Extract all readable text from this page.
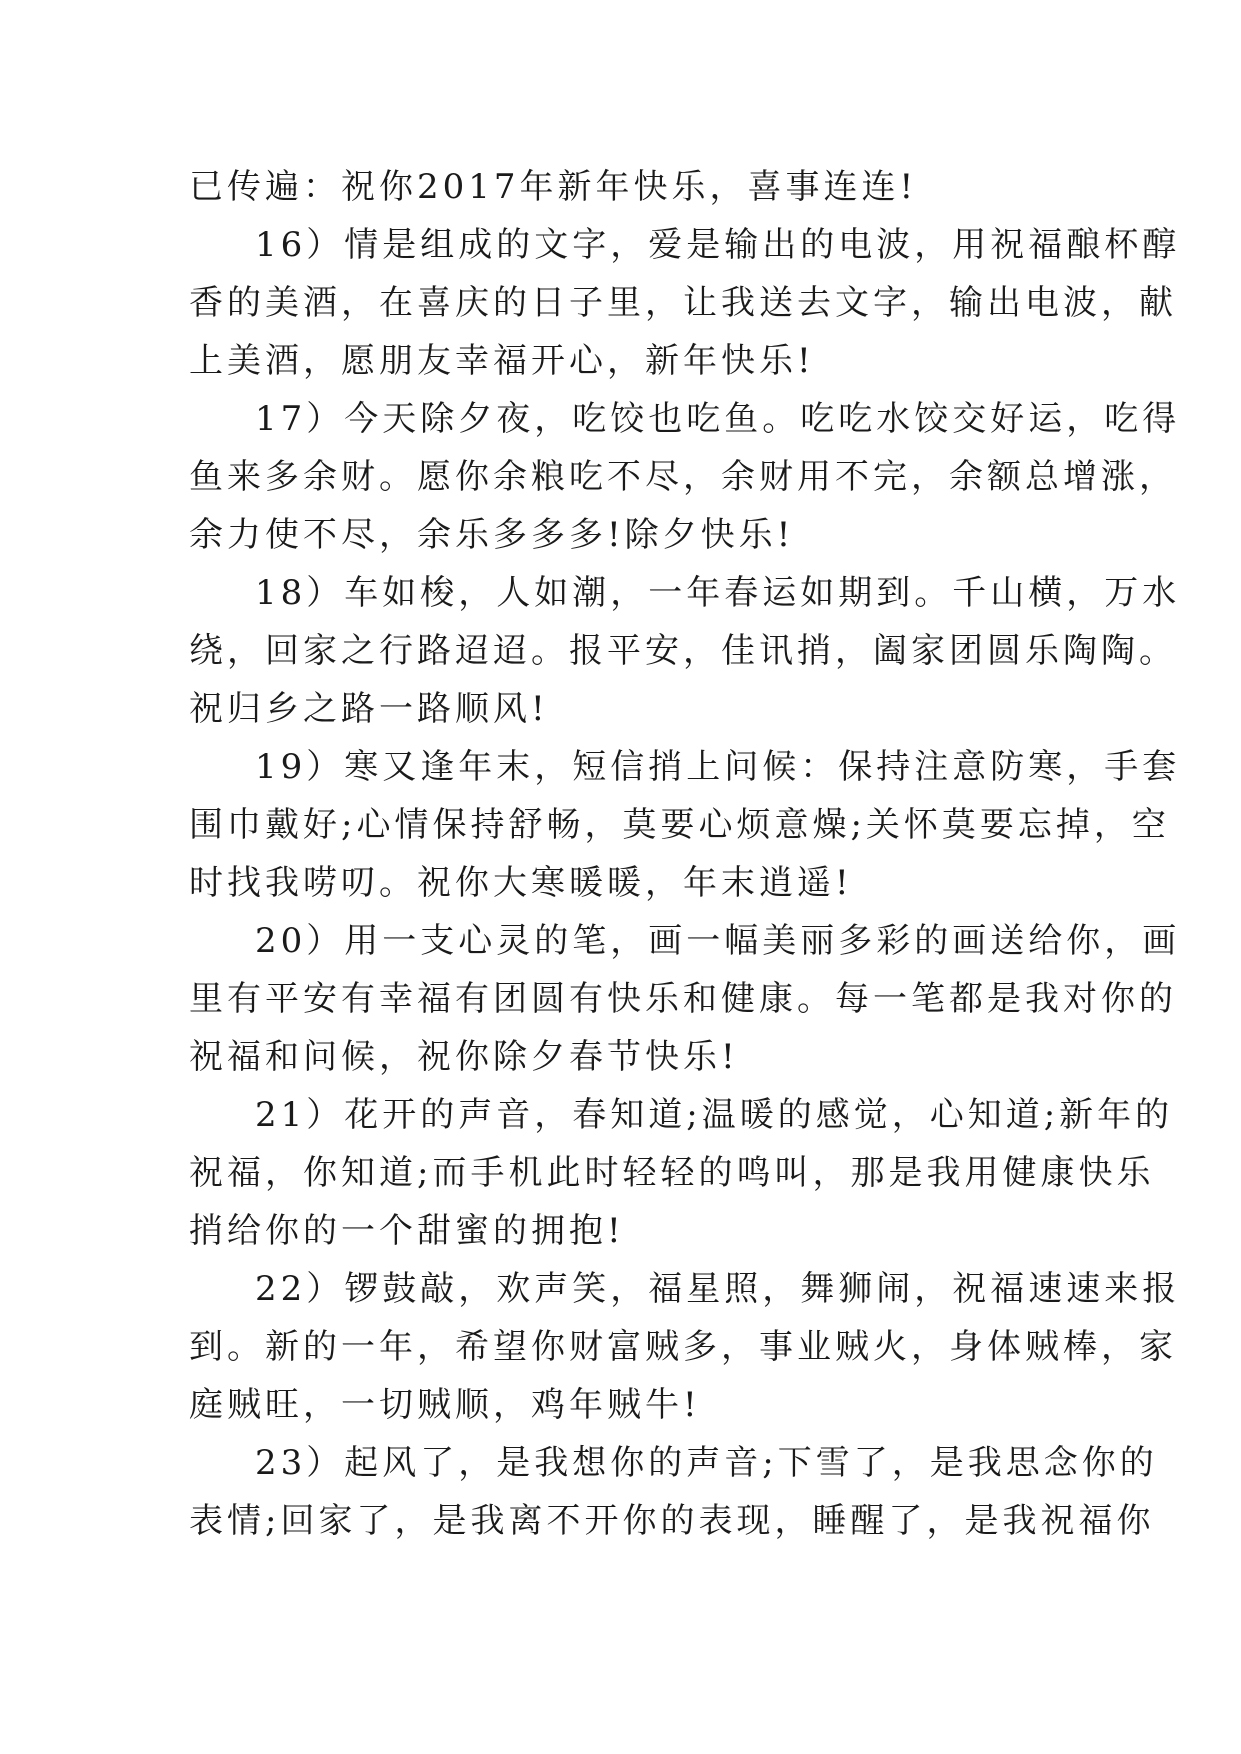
已传遍：祝你2017年新年快乐，喜事连连!

16）情是组成的文字，爱是输出的电波，用祝福酿杯醇

香的美酒，在喜庆的日子里，让我送去文字，输出电波，献

上美酒，愿朋友幸福开心，新年快乐!

17）今天除夕夜，吃饺也吃鱼。吃吃水饺交好运，吃得

鱼来多余财。愿你余粮吃不尽，余财用不完，余额总增涨，

余力使不尽，余乐多多多!除夕快乐!

18）车如梭，人如潮，一年春运如期到。千山横，万水

绕，回家之行路迢迢。报平安，佳讯捎，阖家团圆乐陶陶。

祝归乡之路一路顺风!

19）寒又逢年末，短信捎上问候：保持注意防寒，手套

围巾戴好;心情保持舒畅，莫要心烦意燥;关怀莫要忘掉，空

时找我唠叨。祝你大寒暖暖，年末逍遥!

20）用一支心灵的笔，画一幅美丽多彩的画送给你，画

里有平安有幸福有团圆有快乐和健康。每一笔都是我对你的

祝福和问候，祝你除夕春节快乐!

21）花开的声音，春知道;温暖的感觉，心知道;新年的

祝福，你知道;而手机此时轻轻的鸣叫，那是我用健康快乐

捎给你的一个甜蜜的拥抱!

22）锣鼓敲，欢声笑，福星照，舞狮闹，祝福速速来报

到。新的一年，希望你财富贼多，事业贼火，身体贼棒，家

庭贼旺，一切贼顺，鸡年贼牛!

23）起风了，是我想你的声音;下雪了，是我思念你的

表情;回家了，是我离不开你的表现，睡醒了，是我祝福你
